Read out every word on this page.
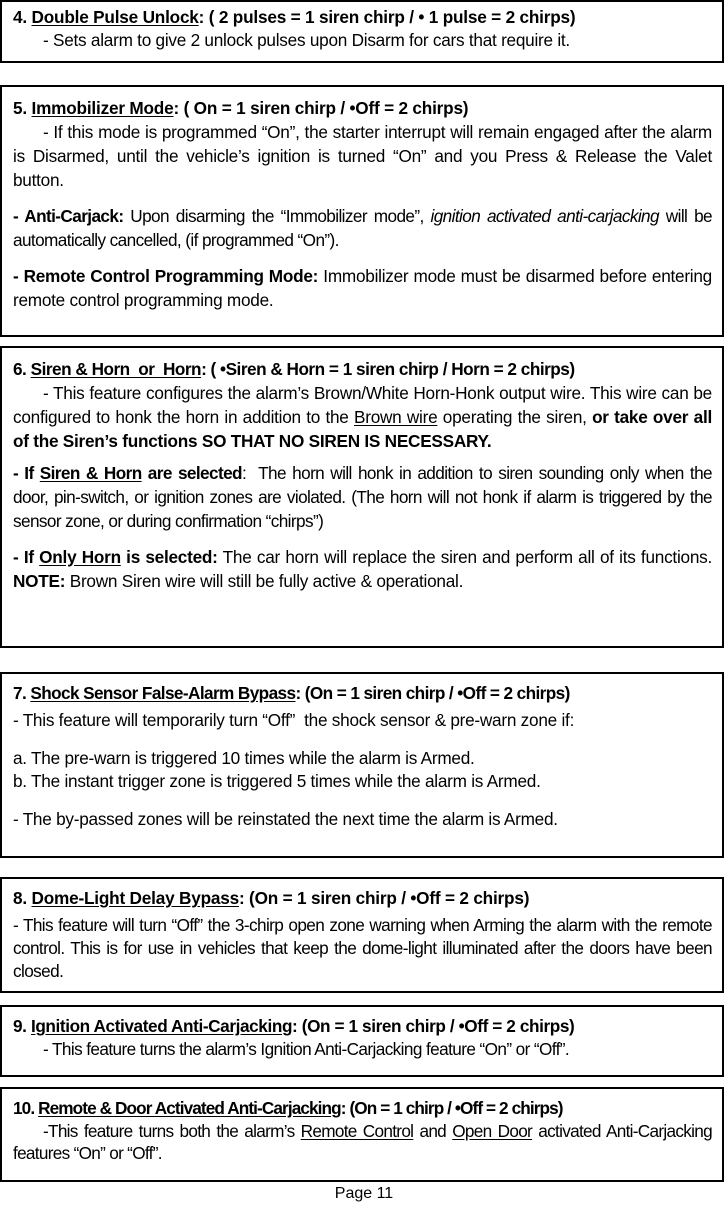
4. Double Pulse Unlock: ( 2 pulses = 1 siren chirp / • 1 pulse = 2 chirps)

- Sets alarm to give 2 unlock pulses upon Disarm for cars that require it.

5. Immobilizer Mode: ( On = 1 siren chirp / •Off = 2 chirps)

- If this mode is programmed “On”, the starter interrupt will remain engaged after the alarm is Disarmed, until the vehicle’s ignition is turned “On” and you Press & Release the Valet button.

- Anti-Carjack: Upon disarming the “Immobilizer mode”, ignition activated anti-carjacking will be automatically cancelled, (if programmed “On”).

- Remote Control Programming Mode: Immobilizer mode must be disarmed before entering remote control programming mode.

6. Siren & Horn  or  Horn: ( •Siren & Horn = 1 siren chirp / Horn = 2 chirps)

- This feature configures the alarm’s Brown/White Horn-Honk output wire. This wire can be configured to honk the horn in addition to the Brown wire operating the siren, or take over all of the Siren’s functions SO THAT NO SIREN IS NECESSARY.

- If Siren & Horn are selected:  The horn will honk in addition to siren sounding only when the door, pin-switch, or ignition zones are violated. (The horn will not honk if alarm is triggered by the sensor zone, or during confirmation “chirps”)

- If Only Horn is selected: The car horn will replace the siren and perform all of its functions. NOTE: Brown Siren wire will still be fully active & operational.

7. Shock Sensor False-Alarm Bypass: (On = 1 siren chirp / •Off = 2 chirps)

- This feature will temporarily turn “Off”  the shock sensor & pre-warn zone if:

a. The pre-warn is triggered 10 times while the alarm is Armed.

b. The instant trigger zone is triggered 5 times while the alarm is Armed.

- The by-passed zones will be reinstated the next time the alarm is Armed.

8. Dome-Light Delay Bypass: (On = 1 siren chirp / •Off = 2 chirps)

- This feature will turn “Off” the 3-chirp open zone warning when Arming the alarm with the remote control. This is for use in vehicles that keep the dome-light illuminated after the doors have been closed.

9. Ignition Activated Anti-Carjacking: (On = 1 siren chirp / •Off = 2 chirps)

- This feature turns the alarm’s Ignition Anti-Carjacking feature “On” or “Off”.

10. Remote & Door Activated Anti-Carjacking: (On = 1 chirp / •Off = 2 chirps)

-This feature turns both the alarm’s Remote Control and Open Door activated Anti-Carjacking features “On” or “Off”.

Page 11
